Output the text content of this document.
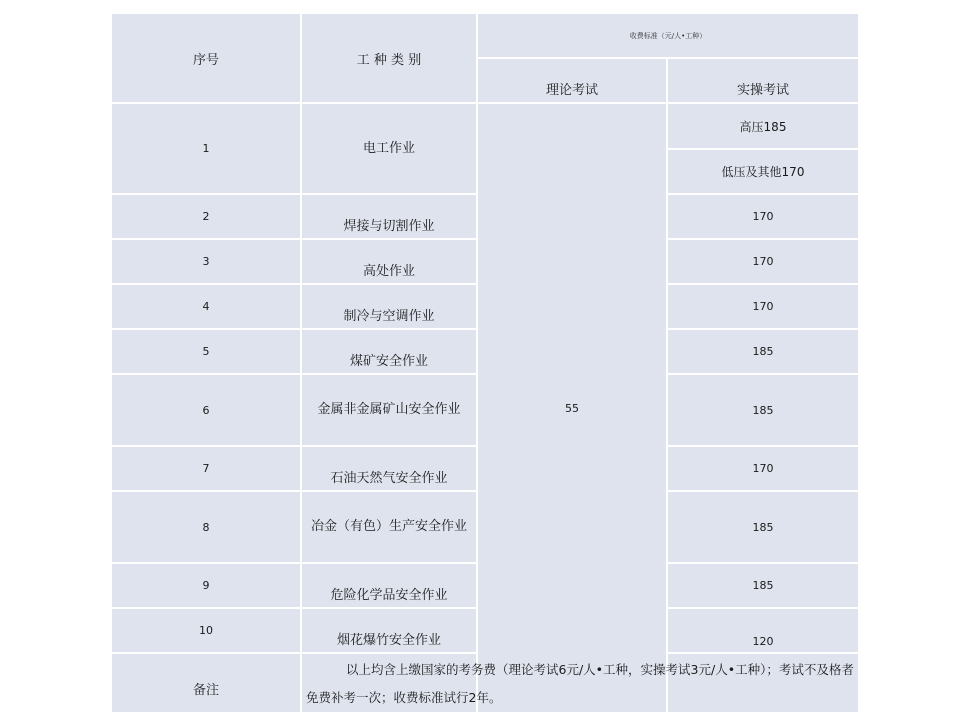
序号	工 种 类 别	收费标准（元/人•工种）	
		理论考试	实操考试
1	电工作业	55	高压185
			低压及其他170
2	焊接与切割作业		170
3	高处作业		170
4	制冷与空调作业		170
5	煤矿安全作业		185
6	金属非金属矿山安全作业		185
7	石油天然气安全作业		170
8	冶金（有色）生产安全作业		185
9	危险化学品安全作业		185
10	烟花爆竹安全作业		120
备注	以上均含上缴国家的考务费（理论考试6元/人•工种，实操考试3元/人•工种）；考试不及格者免费补考一次；收费标准试行2年。		
